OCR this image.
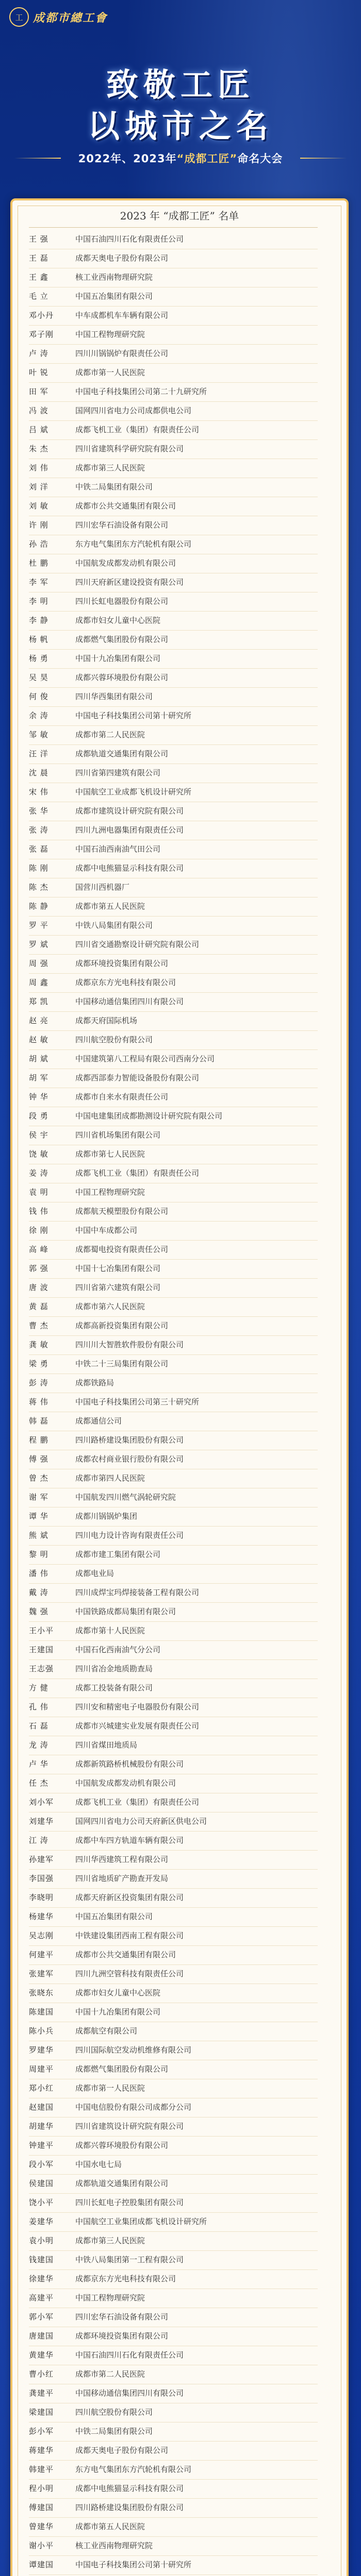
工 成都市總工會
致敬工匠
以城市之名
2022年、2023年“成都工匠”命名大会
2023 年 “成都工匠” 名单
王 强	中国石油四川石化有限责任公司
王 磊	成都天奥电子股份有限公司
王 鑫	核工业西南物理研究院
毛 立	中国五冶集团有限公司
邓小丹	中车成都机车车辆有限公司
邓子刚	中国工程物理研究院
卢 涛	四川川锅锅炉有限责任公司
叶 锐	成都市第一人民医院
田 军	中国电子科技集团公司第二十九研究所
冯 波	国网四川省电力公司成都供电公司
吕 斌	成都飞机工业（集团）有限责任公司
朱 杰	四川省建筑科学研究院有限公司
刘 伟	成都市第三人民医院
刘 洋	中铁二局集团有限公司
刘 敏	成都市公共交通集团有限公司
许 刚	四川宏华石油设备有限公司
孙 浩	东方电气集团东方汽轮机有限公司
杜 鹏	中国航发成都发动机有限公司
李 军	四川天府新区建设投资有限公司
李 明	四川长虹电器股份有限公司
李 静	成都市妇女儿童中心医院
杨 帆	成都燃气集团股份有限公司
杨 勇	中国十九冶集团有限公司
吴 昊	成都兴蓉环境股份有限公司
何 俊	四川华西集团有限公司
余 涛	中国电子科技集团公司第十研究所
邹 敏	成都市第二人民医院
汪 洋	成都轨道交通集团有限公司
沈 晨	四川省第四建筑有限公司
宋 伟	中国航空工业成都飞机设计研究所
张 华	成都市建筑设计研究院有限公司
张 涛	四川九洲电器集团有限责任公司
张 磊	中国石油西南油气田公司
陈 刚	成都中电熊猫显示科技有限公司
陈 杰	国营川西机器厂
陈 静	成都市第五人民医院
罗 平	中铁八局集团有限公司
罗 斌	四川省交通勘察设计研究院有限公司
周 强	成都环境投资集团有限公司
周 鑫	成都京东方光电科技有限公司
郑 凯	中国移动通信集团四川有限公司
赵 亮	成都天府国际机场
赵 敏	四川航空股份有限公司
胡 斌	中国建筑第八工程局有限公司西南分公司
胡 军	成都西部泰力智能设备股份有限公司
钟 华	成都市自来水有限责任公司
段 勇	中国电建集团成都勘测设计研究院有限公司
侯 宇	四川省机场集团有限公司
饶 敏	成都市第七人民医院
姜 涛	成都飞机工业（集团）有限责任公司
袁 明	中国工程物理研究院
钱 伟	成都航天模塑股份有限公司
徐 刚	中国中车成都公司
高 峰	成都蜀电投资有限责任公司
郭 强	中国十七冶集团有限公司
唐 波	四川省第六建筑有限公司
黄 磊	成都市第六人民医院
曹 杰	成都高新投资集团有限公司
龚 敏	四川川大智胜软件股份有限公司
梁 勇	中铁二十三局集团有限公司
彭 涛	成都铁路局
蒋 伟	中国电子科技集团公司第三十研究所
韩 磊	成都通信公司
程 鹏	四川路桥建设集团股份有限公司
傅 强	成都农村商业银行股份有限公司
曾 杰	成都市第四人民医院
谢 军	中国航发四川燃气涡轮研究院
谭 华	成都川锅锅炉集团
熊 斌	四川电力设计咨询有限责任公司
黎 明	成都市建工集团有限公司
潘 伟	成都电业局
戴 涛	四川成焊宝玛焊接装备工程有限公司
魏 强	中国铁路成都局集团有限公司
王小平	成都市第十人民医院
王建国	中国石化西南油气分公司
王志强	四川省冶金地质勘查局
方 健	成都工投装备有限公司
孔 伟	四川安和精密电子电器股份有限公司
石 磊	成都市兴城建实业发展有限责任公司
龙 涛	四川省煤田地质局
卢 华	成都新筑路桥机械股份有限公司
任 杰	中国航发成都发动机有限公司
刘小军	成都飞机工业（集团）有限责任公司
刘建华	国网四川省电力公司天府新区供电公司
江 涛	成都中车四方轨道车辆有限公司
孙建军	四川华西建筑工程有限公司
李国强	四川省地质矿产勘查开发局
李晓明	成都天府新区投资集团有限公司
杨建华	中国五冶集团有限公司
吴志刚	中铁建设集团西南工程有限公司
何建平	成都市公共交通集团有限公司
张建军	四川九洲空管科技有限责任公司
张晓东	成都市妇女儿童中心医院
陈建国	中国十九冶集团有限公司
陈小兵	成都航空有限公司
罗建华	四川国际航空发动机维修有限公司
周建平	成都燃气集团股份有限公司
郑小红	成都市第一人民医院
赵建国	中国电信股份有限公司成都分公司
胡建华	四川省建筑设计研究院有限公司
钟建平	成都兴蓉环境股份有限公司
段小军	中国水电七局
侯建国	成都轨道交通集团有限公司
饶小平	四川长虹电子控股集团有限公司
姜建华	中国航空工业集团成都飞机设计研究所
袁小明	成都市第三人民医院
钱建国	中铁八局集团第一工程有限公司
徐建华	成都京东方光电科技有限公司
高建平	中国工程物理研究院
郭小军	四川宏华石油设备有限公司
唐建国	成都环境投资集团有限公司
黄建华	中国石油四川石化有限责任公司
曹小红	成都市第二人民医院
龚建平	中国移动通信集团四川有限公司
梁建国	四川航空股份有限公司
彭小军	中铁二局集团有限公司
蒋建华	成都天奥电子股份有限公司
韩建平	东方电气集团东方汽轮机有限公司
程小明	成都中电熊猫显示科技有限公司
傅建国	四川路桥建设集团股份有限公司
曾建华	成都市第五人民医院
谢小平	核工业西南物理研究院
谭建国	中国电子科技集团公司第十研究所
